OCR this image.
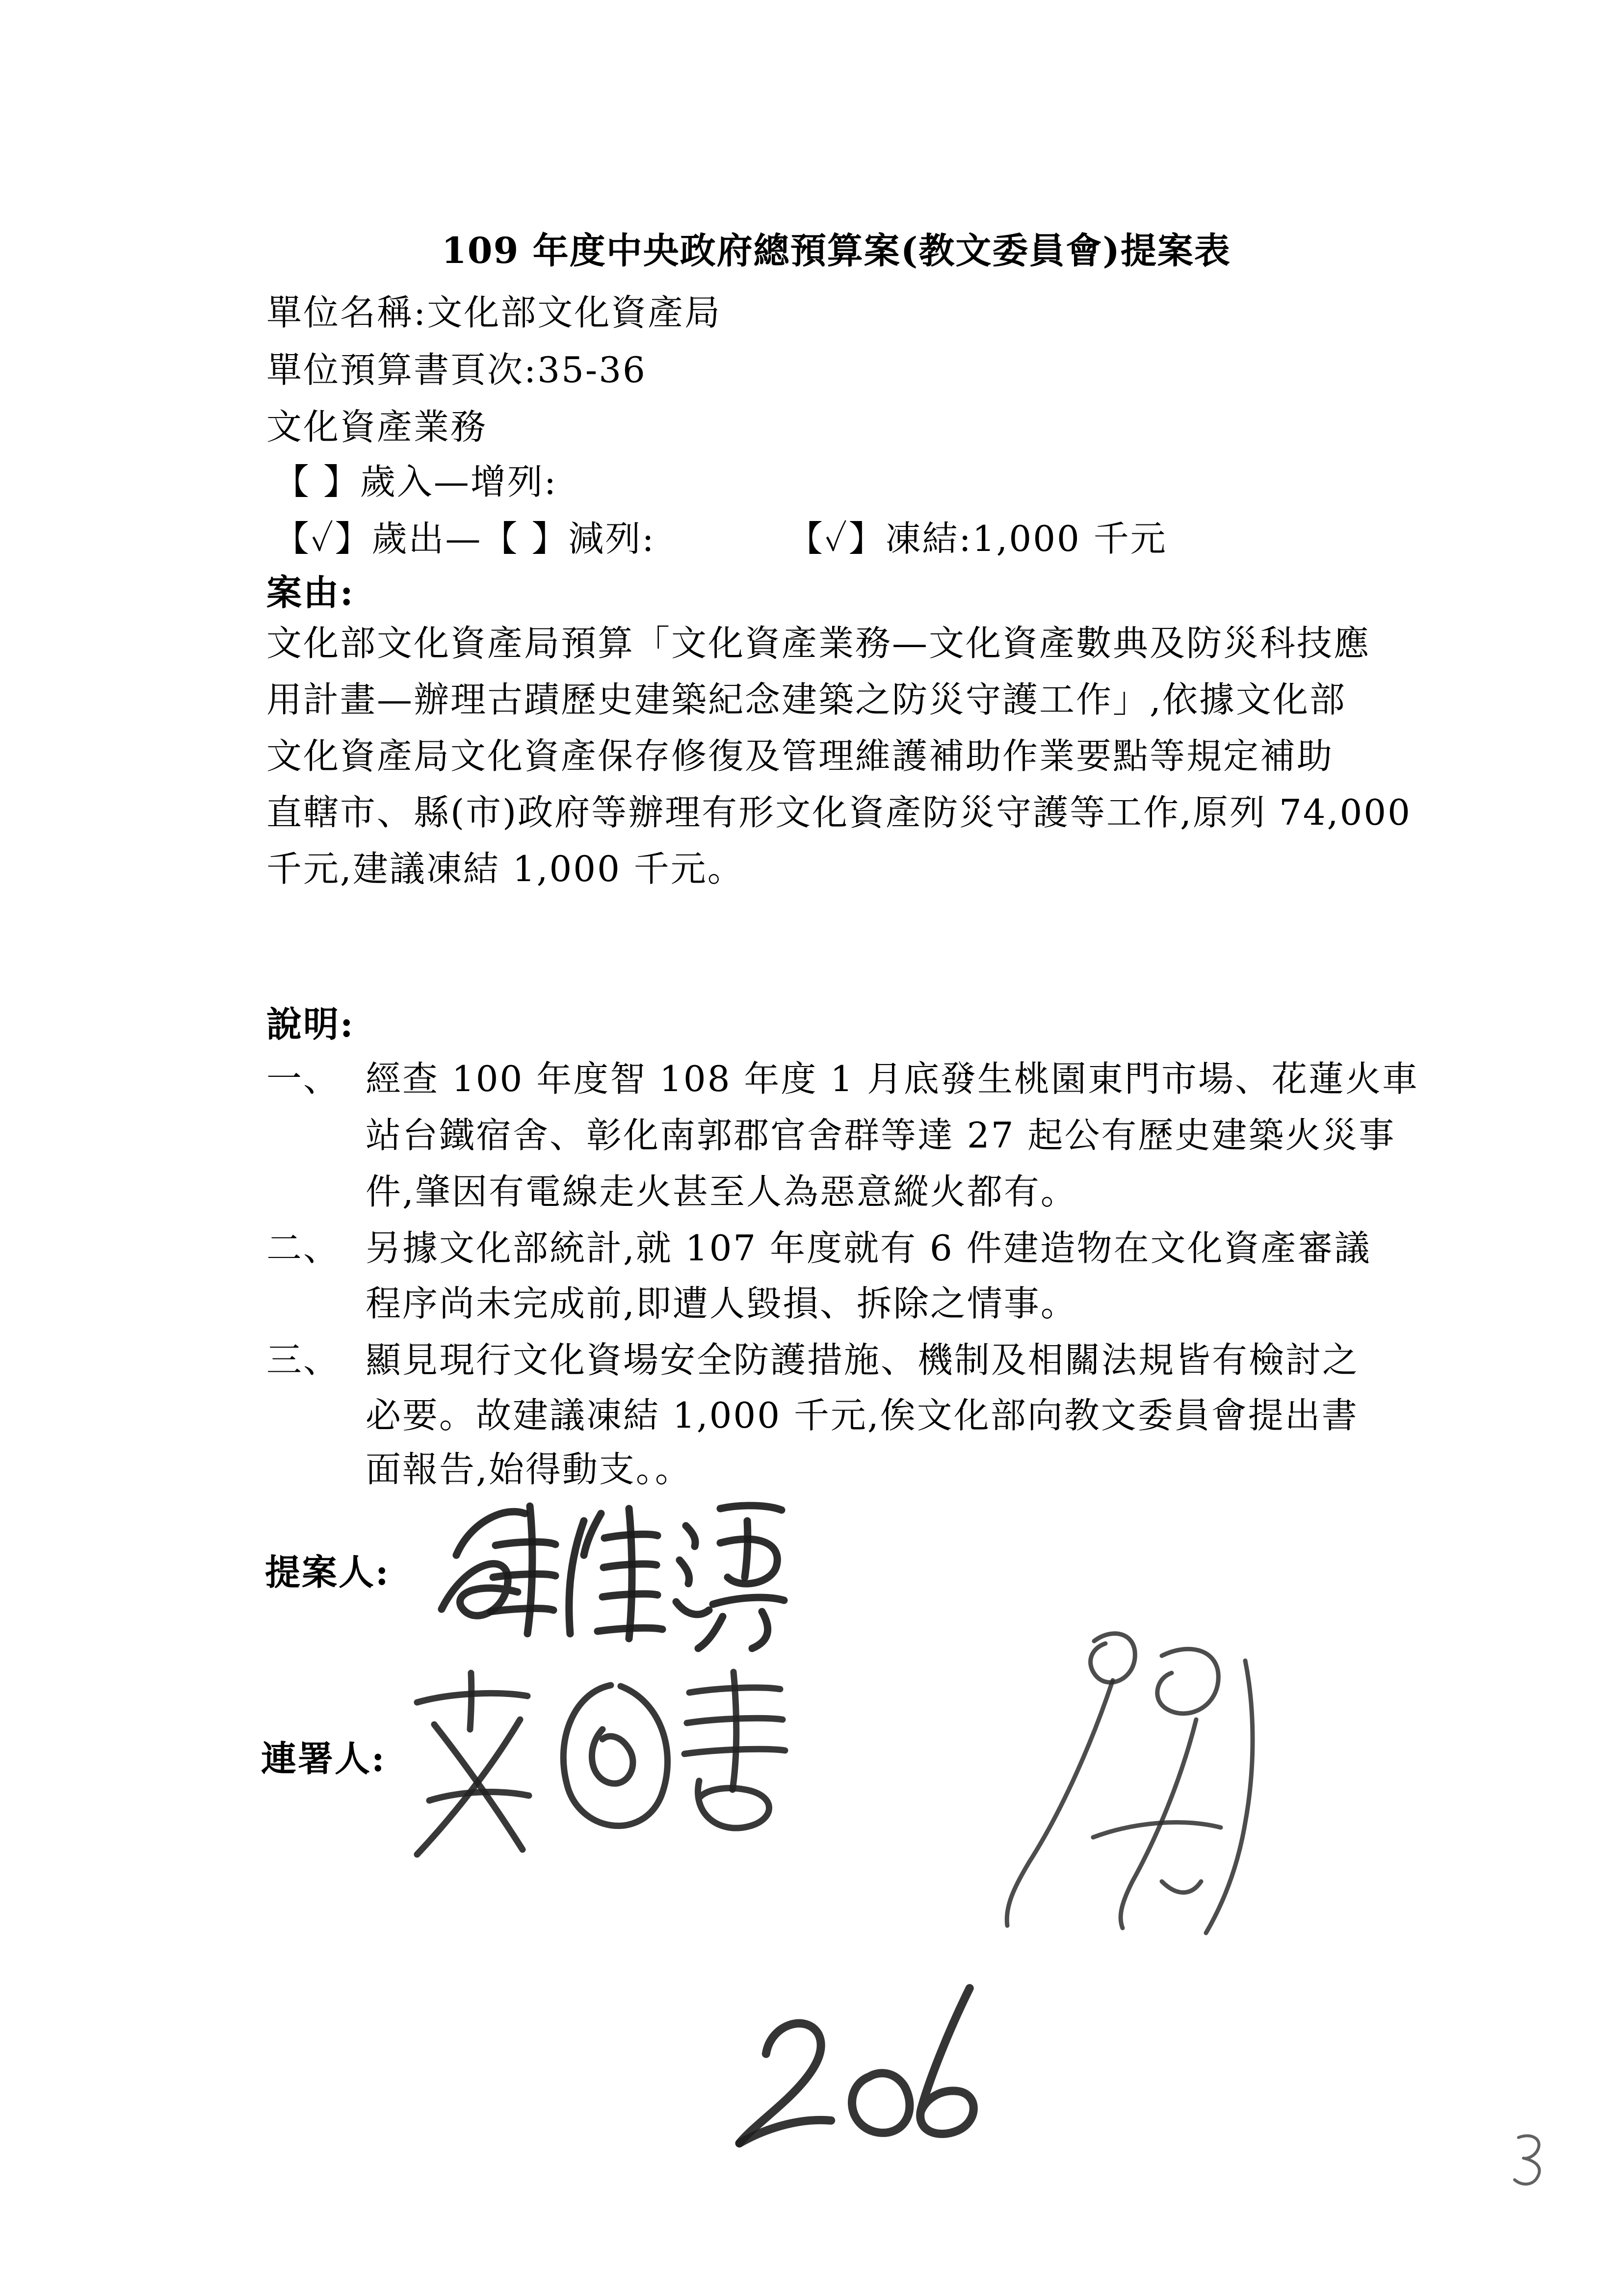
109 年度中央政府總預算案(教文委員會)提案表
單位名稱:文化部文化資產局
單位預算書頁次:35-36
文化資產業務
【 】歲入—增列:
【✓】歲出—【 】減列:	【✓】凍結:1,000 千元
案由:
文化部文化資產局預算「文化資產業務—文化資產數典及防災科技應
用計畫—辦理古蹟歷史建築紀念建築之防災守護工作」,依據文化部
文化資產局文化資產保存修復及管理維護補助作業要點等規定補助
直轄市、縣(市)政府等辦理有形文化資產防災守護等工作,原列 74,000
千元,建議凍結 1,000 千元。
說明:
一、 經查 100 年度智 108 年度 1 月底發生桃園東門市場、花蓮火車
站台鐵宿舍、彰化南郭郡官舍群等達 27 起公有歷史建築火災事
件,肇因有電線走火甚至人為惡意縱火都有。
二、 另據文化部統計,就 107 年度就有 6 件建造物在文化資產審議
程序尚未完成前,即遭人毀損、拆除之情事。
三、 顯見現行文化資場安全防護措施、機制及相關法規皆有檢討之
必要。故建議凍結 1,000 千元,俟文化部向教文委員會提出書
面報告,始得動支。。
提案人:
連署人:
